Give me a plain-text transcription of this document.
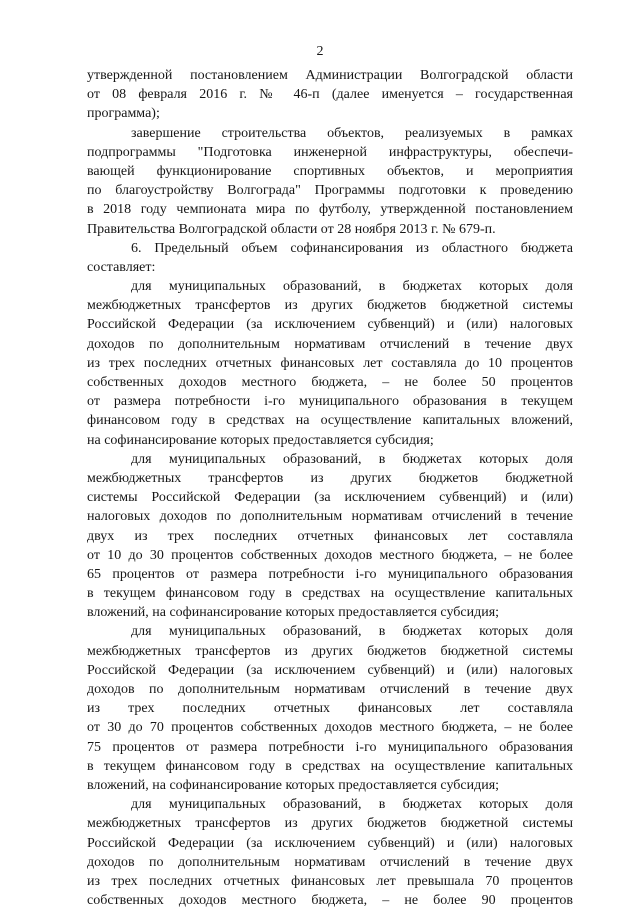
2
утвержденной постановлением Администрации Волгоградской области
от 08 февраля 2016 г. № 46-п (далее именуется – государственная
программа);
завершение строительства объектов, реализуемых в рамках
подпрограммы "Подготовка инженерной инфраструктуры, обеспечи-
вающей функционирование спортивных объектов, и мероприятия
по благоустройству Волгограда" Программы подготовки к проведению
в 2018 году чемпионата мира по футболу, утвержденной постановлением
Правительства Волгоградской области от 28 ноября 2013 г. № 679-п.
6. Предельный объем софинансирования из областного бюджета
составляет:
для муниципальных образований, в бюджетах которых доля
межбюджетных трансфертов из других бюджетов бюджетной системы
Российской Федерации (за исключением субвенций) и (или) налоговых
доходов по дополнительным нормативам отчислений в течение двух
из трех последних отчетных финансовых лет составляла до 10 процентов
собственных доходов местного бюджета, – не более 50 процентов
от размера потребности i-го муниципального образования в текущем
финансовом году в средствах на осуществление капитальных вложений,
на софинансирование которых предоставляется субсидия;
для муниципальных образований, в бюджетах которых доля
межбюджетных трансфертов из других бюджетов бюджетной
системы Российской Федерации (за исключением субвенций) и (или)
налоговых доходов по дополнительным нормативам отчислений в течение
двух из трех последних отчетных финансовых лет составляла
от 10 до 30 процентов собственных доходов местного бюджета, – не более
65 процентов от размера потребности i-го муниципального образования
в текущем финансовом году в средствах на осуществление капитальных
вложений, на софинансирование которых предоставляется субсидия;
для муниципальных образований, в бюджетах которых доля
межбюджетных трансфертов из других бюджетов бюджетной системы
Российской Федерации (за исключением субвенций) и (или) налоговых
доходов по дополнительным нормативам отчислений в течение двух
из трех последних отчетных финансовых лет составляла
от 30 до 70 процентов собственных доходов местного бюджета, – не более
75 процентов от размера потребности i-го муниципального образования
в текущем финансовом году в средствах на осуществление капитальных
вложений, на софинансирование которых предоставляется субсидия;
для муниципальных образований, в бюджетах которых доля
межбюджетных трансфертов из других бюджетов бюджетной системы
Российской Федерации (за исключением субвенций) и (или) налоговых
доходов по дополнительным нормативам отчислений в течение двух
из трех последних отчетных финансовых лет превышала 70 процентов
собственных доходов местного бюджета, – не более 90 процентов
